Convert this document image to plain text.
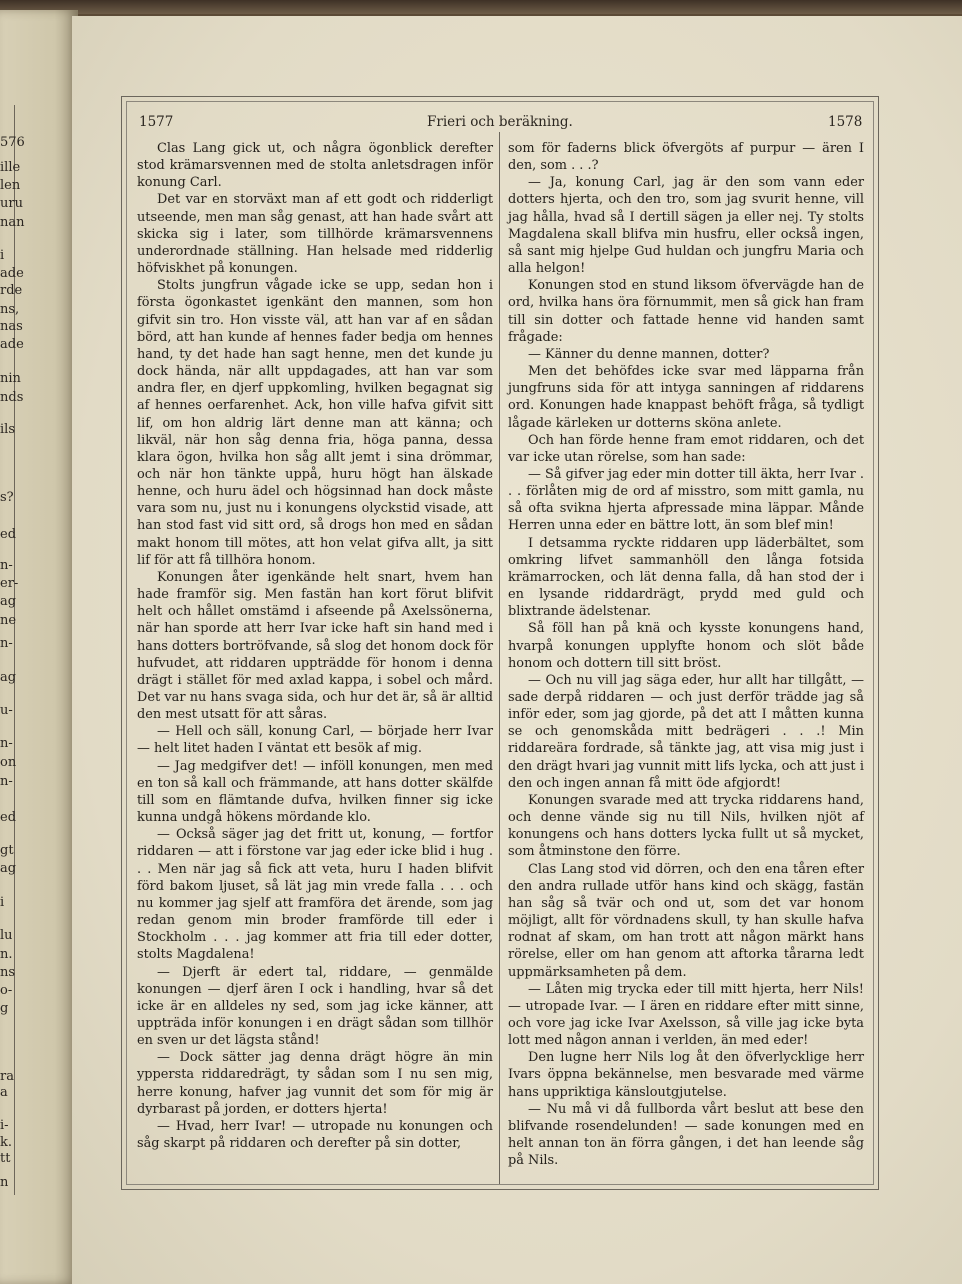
576
ille
len
uru
nan
i
ade
rde
ns,
nas
ade
nin
nds
ils
s?
ed
n-
er-
ag
ne
n-
ag
u-
n-
on
n-
ed
gt
ag
i
lu
n.
ns
o-
g
ra
a
i-
k.
tt
n
1577	Frieri och beräkning.	1578

Clas Lang gick ut, och några ögonblick derefter stod krämarsvennen med de stolta anletsdragen inför konung Carl.

Det var en storväxt man af ett godt och ridderligt utseende, men man såg genast, att han hade svårt att skicka sig i later, som tillhörde krämarsvennens underordnade ställning. Han helsade med ridderlig höfviskhet på konungen.

Stolts jungfrun vågade icke se upp, sedan hon i första ögonkastet igenkänt den mannen, som hon gifvit sin tro. Hon visste väl, att han var af en sådan börd, att han kunde af hennes fader bedja om hennes hand, ty det hade han sagt henne, men det kunde ju dock hända, när allt uppdagades, att han var som andra fler, en djerf uppkomling, hvilken begagnat sig af hennes oerfarenhet. Ack, hon ville hafva gifvit sitt lif, om hon aldrig lärt denne man att känna; och likväl, när hon såg denna fria, höga panna, dessa klara ögon, hvilka hon såg allt jemt i sina drömmar, och när hon tänkte uppå, huru högt han älskade henne, och huru ädel och högsinnad han dock måste vara som nu, just nu i konungens olyckstid visade, att han stod fast vid sitt ord, så drogs hon med en sådan makt honom till mötes, att hon velat gifva allt, ja sitt lif för att få tillhöra honom.

Konungen åter igenkände helt snart, hvem han hade framför sig. Men fastän han kort förut blifvit helt och hållet omstämd i afseende på Axelssönerna, när han sporde att herr Ivar icke haft sin hand med i hans dotters bortröfvande, så slog det honom dock för hufvudet, att riddaren uppträdde för honom i denna drägt i stället för med axlad kappa, i sobel och mård. Det var nu hans svaga sida, och hur det är, så är alltid den mest utsatt för att såras.

— Hell och säll, konung Carl, — började herr Ivar — helt litet haden I väntat ett besök af mig.

— Jag medgifver det! — inföll konungen, men med en ton så kall och främmande, att hans dotter skälfde till som en flämtande dufva, hvilken finner sig icke kunna undgå hökens mördande klo.

— Också säger jag det fritt ut, konung, — fortfor riddaren — att i förstone var jag eder icke blid i hug . . . Men när jag så fick att veta, huru I haden blifvit förd bakom ljuset, så lät jag min vrede falla . . . och nu kommer jag sjelf att framföra det ärende, som jag redan genom min broder framförde till eder i Stockholm . . . jag kommer att fria till eder dotter, stolts Magdalena!

— Djerft är edert tal, riddare, — genmälde konungen — djerf ären I ock i handling, hvar så det icke är en alldeles ny sed, som jag icke känner, att uppträda inför konungen i en drägt sådan som tillhör en sven ur det lägsta stånd!

— Dock sätter jag denna drägt högre än min yppersta riddaredrägt, ty sådan som I nu sen mig, herre konung, hafver jag vunnit det som för mig är dyrbarast på jorden, er dotters hjerta!

— Hvad, herr Ivar! — utropade nu konungen och såg skarpt på riddaren och derefter på sin dotter,

som för faderns blick öfvergöts af purpur — ären I den, som . . .?

— Ja, konung Carl, jag är den som vann eder dotters hjerta, och den tro, som jag svurit henne, vill jag hålla, hvad så I dertill sägen ja eller nej. Ty stolts Magdalena skall blifva min husfru, eller också ingen, så sant mig hjelpe Gud huldan och jungfru Maria och alla helgon!

Konungen stod en stund liksom öfvervägde han de ord, hvilka hans öra förnummit, men så gick han fram till sin dotter och fattade henne vid handen samt frågade:

— Känner du denne mannen, dotter?

Men det behöfdes icke svar med läpparna från jungfruns sida för att intyga sanningen af riddarens ord. Konungen hade knappast behöft fråga, så tydligt lågade kärleken ur dotterns sköna anlete.

Och han förde henne fram emot riddaren, och det var icke utan rörelse, som han sade:

— Så gifver jag eder min dotter till äkta, herr Ivar . . . förlåten mig de ord af misstro, som mitt gamla, nu så ofta svikna hjerta afpressade mina läppar. Månde Herren unna eder en bättre lott, än som blef min!

I detsamma ryckte riddaren upp läderbältet, som omkring lifvet sammanhöll den långa fotsida krämarrocken, och lät denna falla, då han stod der i en lysande riddardrägt, prydd med guld och blixtrande ädelstenar.

Så föll han på knä och kysste konungens hand, hvarpå konungen upplyfte honom och slöt både honom och dottern till sitt bröst.

— Och nu vill jag säga eder, hur allt har tillgått, — sade derpå riddaren — och just derför trädde jag så inför eder, som jag gjorde, på det att I måtten kunna se och genomskåda mitt bedrägeri . . .! Min riddareära fordrade, så tänkte jag, att visa mig just i den drägt hvari jag vunnit mitt lifs lycka, och att just i den och ingen annan få mitt öde afgjordt!

Konungen svarade med att trycka riddarens hand, och denne vände sig nu till Nils, hvilken njöt af konungens och hans dotters lycka fullt ut så mycket, som åtminstone den förre.

Clas Lang stod vid dörren, och den ena tåren efter den andra rullade utför hans kind och skägg, fastän han såg så tvär och ond ut, som det var honom möjligt, allt för vördnadens skull, ty han skulle hafva rodnat af skam, om han trott att någon märkt hans rörelse, eller om han genom att aftorka tårarna ledt uppmärksamheten på dem.

— Låten mig trycka eder till mitt hjerta, herr Nils! — utropade Ivar. — I ären en riddare efter mitt sinne, och vore jag icke Ivar Axelsson, så ville jag icke byta lott med någon annan i verlden, än med eder!

Den lugne herr Nils log åt den öfverlycklige herr Ivars öppna bekännelse, men besvarade med värme hans uppriktiga känsloutgjutelse.

— Nu må vi då fullborda vårt beslut att bese den blifvande rosendelunden! — sade konungen med en helt annan ton än förra gången, i det han leende såg på Nils.
